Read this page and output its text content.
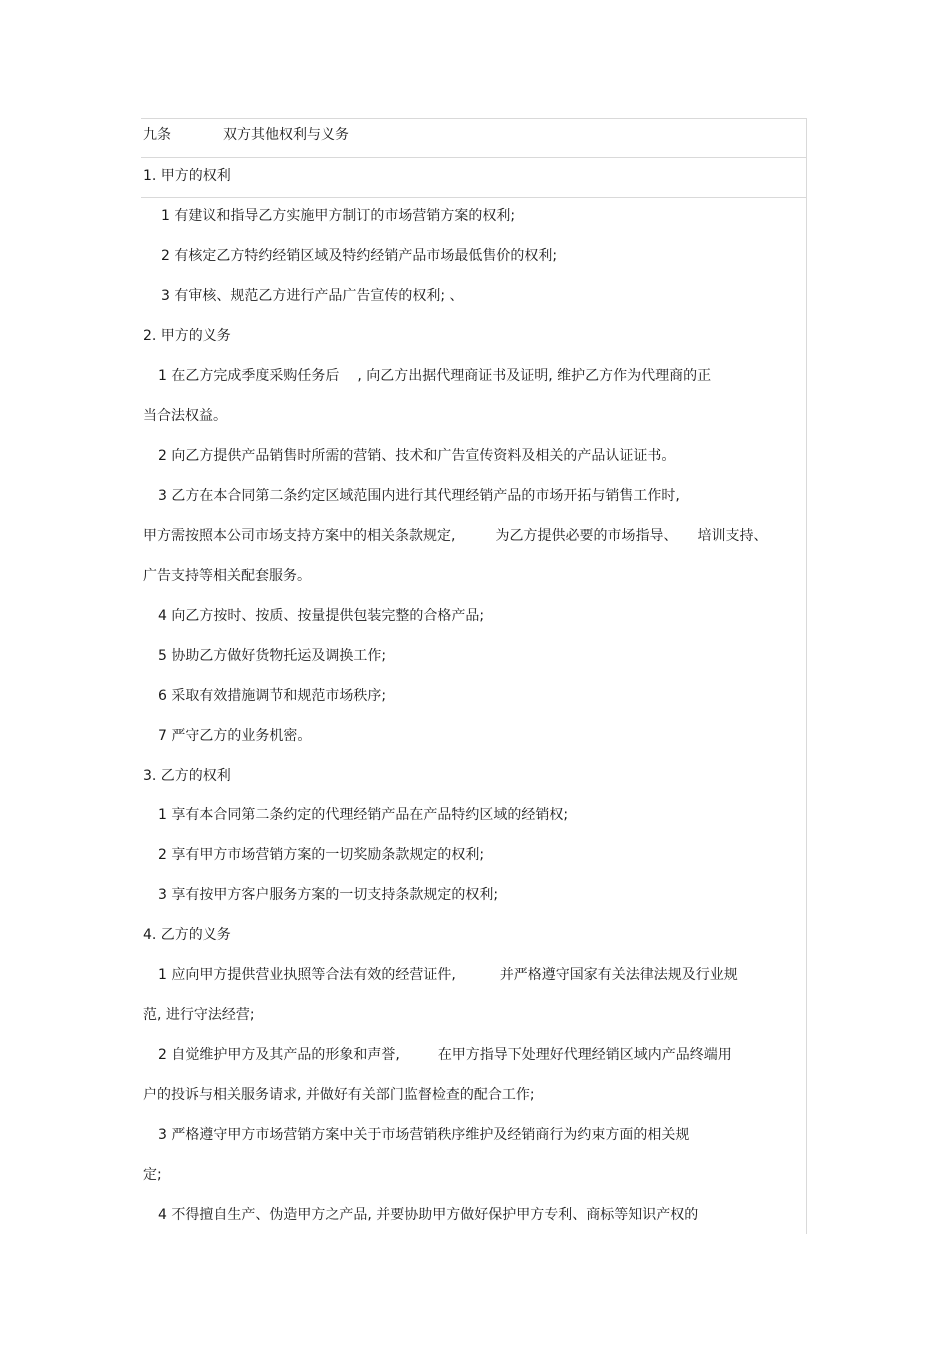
九条	双方其他权利与义务
1. 甲方的权利
1 有建议和指导乙方实施甲方制订的市场营销方案的权利;
2 有核定乙方特约经销区域及特约经销产品市场最低售价的权利;
3 有审核、规范乙方进行产品广告宣传的权利; 、
2. 甲方的义务
1 在乙方完成季度采购任务后 , 向乙方出据代理商证书及证明, 维护乙方作为代理商的正
当合法权益。
2 向乙方提供产品销售时所需的营销、技术和广告宣传资料及相关的产品认证证书。
3 乙方在本合同第二条约定区域范围内进行其代理经销产品的市场开拓与销售工作时,
甲方需按照本公司市场支持方案中的相关条款规定,	为乙方提供必要的市场指导、 培训支持、
广告支持等相关配套服务。
4 向乙方按时、按质、按量提供包装完整的合格产品;
5 协助乙方做好货物托运及调换工作;
6 采取有效措施调节和规范市场秩序;
7 严守乙方的业务机密。
3. 乙方的权利
1 享有本合同第二条约定的代理经销产品在产品特约区域的经销权;
2 享有甲方市场营销方案的一切奖励条款规定的权利;
3 享有按甲方客户服务方案的一切支持条款规定的权利;
4. 乙方的义务
1 应向甲方提供营业执照等合法有效的经营证件,	并严格遵守国家有关法律法规及行业规
范, 进行守法经营;
2 自觉维护甲方及其产品的形象和声誉,	在甲方指导下处理好代理经销区域内产品终端用
户的投诉与相关服务请求, 并做好有关部门监督检查的配合工作;
3 严格遵守甲方市场营销方案中关于市场营销秩序维护及经销商行为约束方面的相关规
定;
4 不得擅自生产、伪造甲方之产品, 并要协助甲方做好保护甲方专利、商标等知识产权的
